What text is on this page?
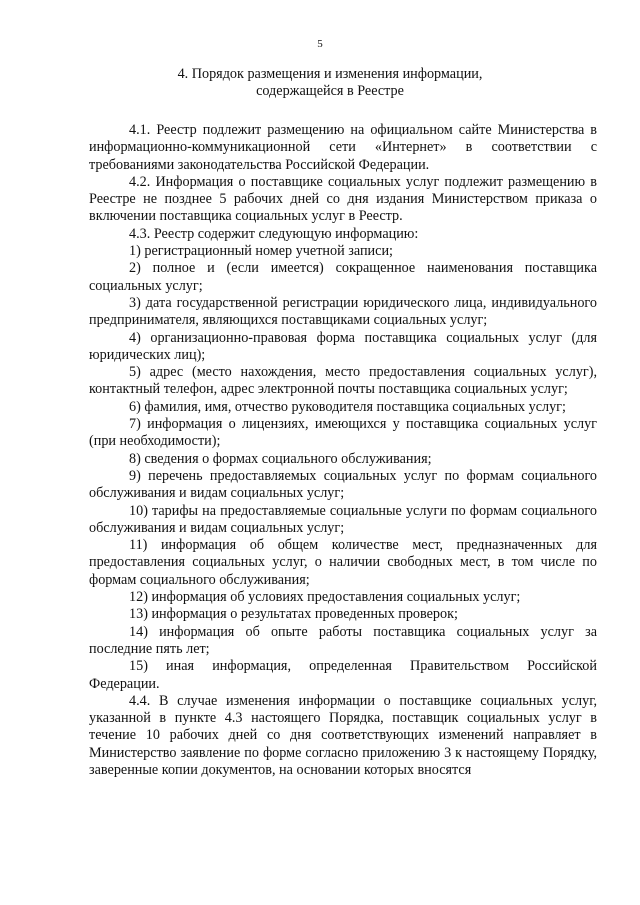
5
4. Порядок размещения и изменения информации,
содержащейся в Реестре

4.1. Реестр подлежит размещению на официальном сайте Министерства в информационно-коммуникационной сети «Интернет» в соответствии с требованиями законодательства Российской Федерации.

4.2. Информация о поставщике социальных услуг подлежит размещению в Реестре не позднее 5 рабочих дней со дня издания Министерством приказа о включении поставщика социальных услуг в Реестр.

4.3. Реестр содержит следующую информацию:

1) регистрационный номер учетной записи;

2) полное и (если имеется) сокращенное наименования поставщика социальных услуг;

3) дата государственной регистрации юридического лица, индивидуального предпринимателя, являющихся поставщиками социальных услуг;

4) организационно-правовая форма поставщика социальных услуг (для юридических лиц);

5) адрес (место нахождения, место предоставления социальных услуг), контактный телефон, адрес электронной почты поставщика социальных услуг;

6) фамилия, имя, отчество руководителя поставщика социальных услуг;

7) информация о лицензиях, имеющихся у поставщика социальных услуг (при необходимости);

8) сведения о формах социального обслуживания;

9) перечень предоставляемых социальных услуг по формам социального обслуживания и видам социальных услуг;

10) тарифы на предоставляемые социальные услуги по формам социального обслуживания и видам социальных услуг;

11) информация об общем количестве мест, предназначенных для предоставления социальных услуг, о наличии свободных мест, в том числе по формам социального обслуживания;

12) информация об условиях предоставления социальных услуг;

13) информация о результатах проведенных проверок;

14) информация об опыте работы поставщика социальных услуг за последние пять лет;

15) иная информация, определенная Правительством Российской Федерации.

4.4. В случае изменения информации о поставщике социальных услуг, указанной в пункте 4.3 настоящего Порядка, поставщик социальных услуг в течение 10 рабочих дней со дня соответствующих изменений направляет в Министерство заявление по форме согласно приложению 3 к настоящему Порядку, заверенные копии документов, на основании которых вносятся
